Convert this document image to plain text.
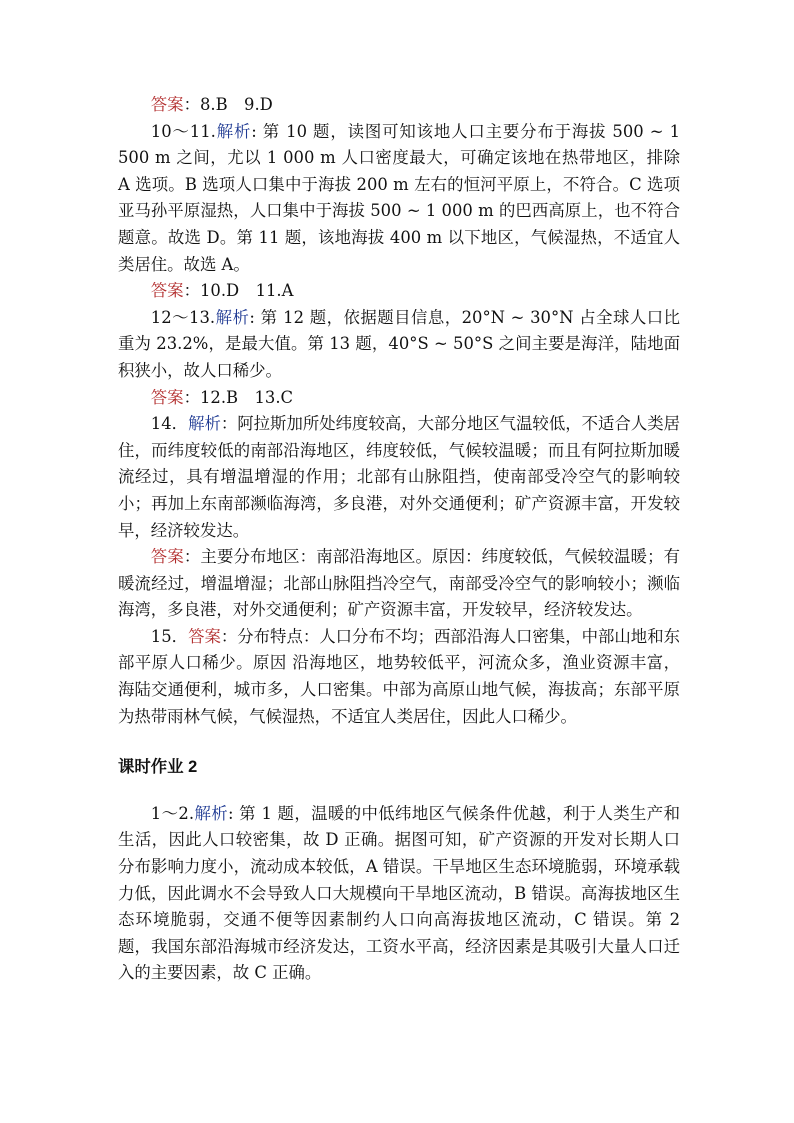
答案：8.B　9.D

10～11.解析: 第 10 题，读图可知该地人口主要分布于海拔 500 ~ 1 500 m 之间，尤以 1 000 m 人口密度最大，可确定该地在热带地区，排除 A 选项。B 选项人口集中于海拔 200 m 左右的恒河平原上，不符合。C 选项亚马孙平原湿热，人口集中于海拔 500 ~ 1 000 m 的巴西高原上，也不符合题意。故选 D。第 11 题，该地海拔 400 m 以下地区，气候湿热，不适宜人类居住。故选 A。

答案：10.D　11.A

12～13.解析: 第 12 题，依据题目信息，20°N ~ 30°N 占全球人口比重为 23.2%，是最大值。第 13 题，40°S ~ 50°S 之间主要是海洋，陆地面积狭小，故人口稀少。

答案：12.B　13.C

14．解析：阿拉斯加所处纬度较高，大部分地区气温较低，不适合人类居住，而纬度较低的南部沿海地区，纬度较低，气候较温暖；而且有阿拉斯加暖流经过，具有增温增湿的作用；北部有山脉阻挡，使南部受冷空气的影响较小；再加上东南部濒临海湾，多良港，对外交通便利；矿产资源丰富，开发较早，经济较发达。

答案：主要分布地区：南部沿海地区。原因：纬度较低，气候较温暖；有暖流经过，增温增湿；北部山脉阻挡冷空气，南部受冷空气的影响较小；濒临海湾，多良港，对外交通便利；矿产资源丰富，开发较早，经济较发达。

15．答案：分布特点：人口分布不均；西部沿海人口密集，中部山地和东部平原人口稀少。原因 沿海地区，地势较低平，河流众多，渔业资源丰富，海陆交通便利，城市多，人口密集。中部为高原山地气候，海拔高；东部平原为热带雨林气候，气候湿热，不适宜人类居住，因此人口稀少。

课时作业 2

1～2.解析: 第 1 题，温暖的中低纬地区气候条件优越，利于人类生产和生活，因此人口较密集，故 D 正确。据图可知，矿产资源的开发对长期人口分布影响力度小，流动成本较低，A 错误。干旱地区生态环境脆弱，环境承载力低，因此调水不会导致人口大规模向干旱地区流动，B 错误。高海拔地区生态环境脆弱，交通不便等因素制约人口向高海拔地区流动，C 错误。第 2 题，我国东部沿海城市经济发达，工资水平高，经济因素是其吸引大量人口迁入的主要因素，故 C 正确。
